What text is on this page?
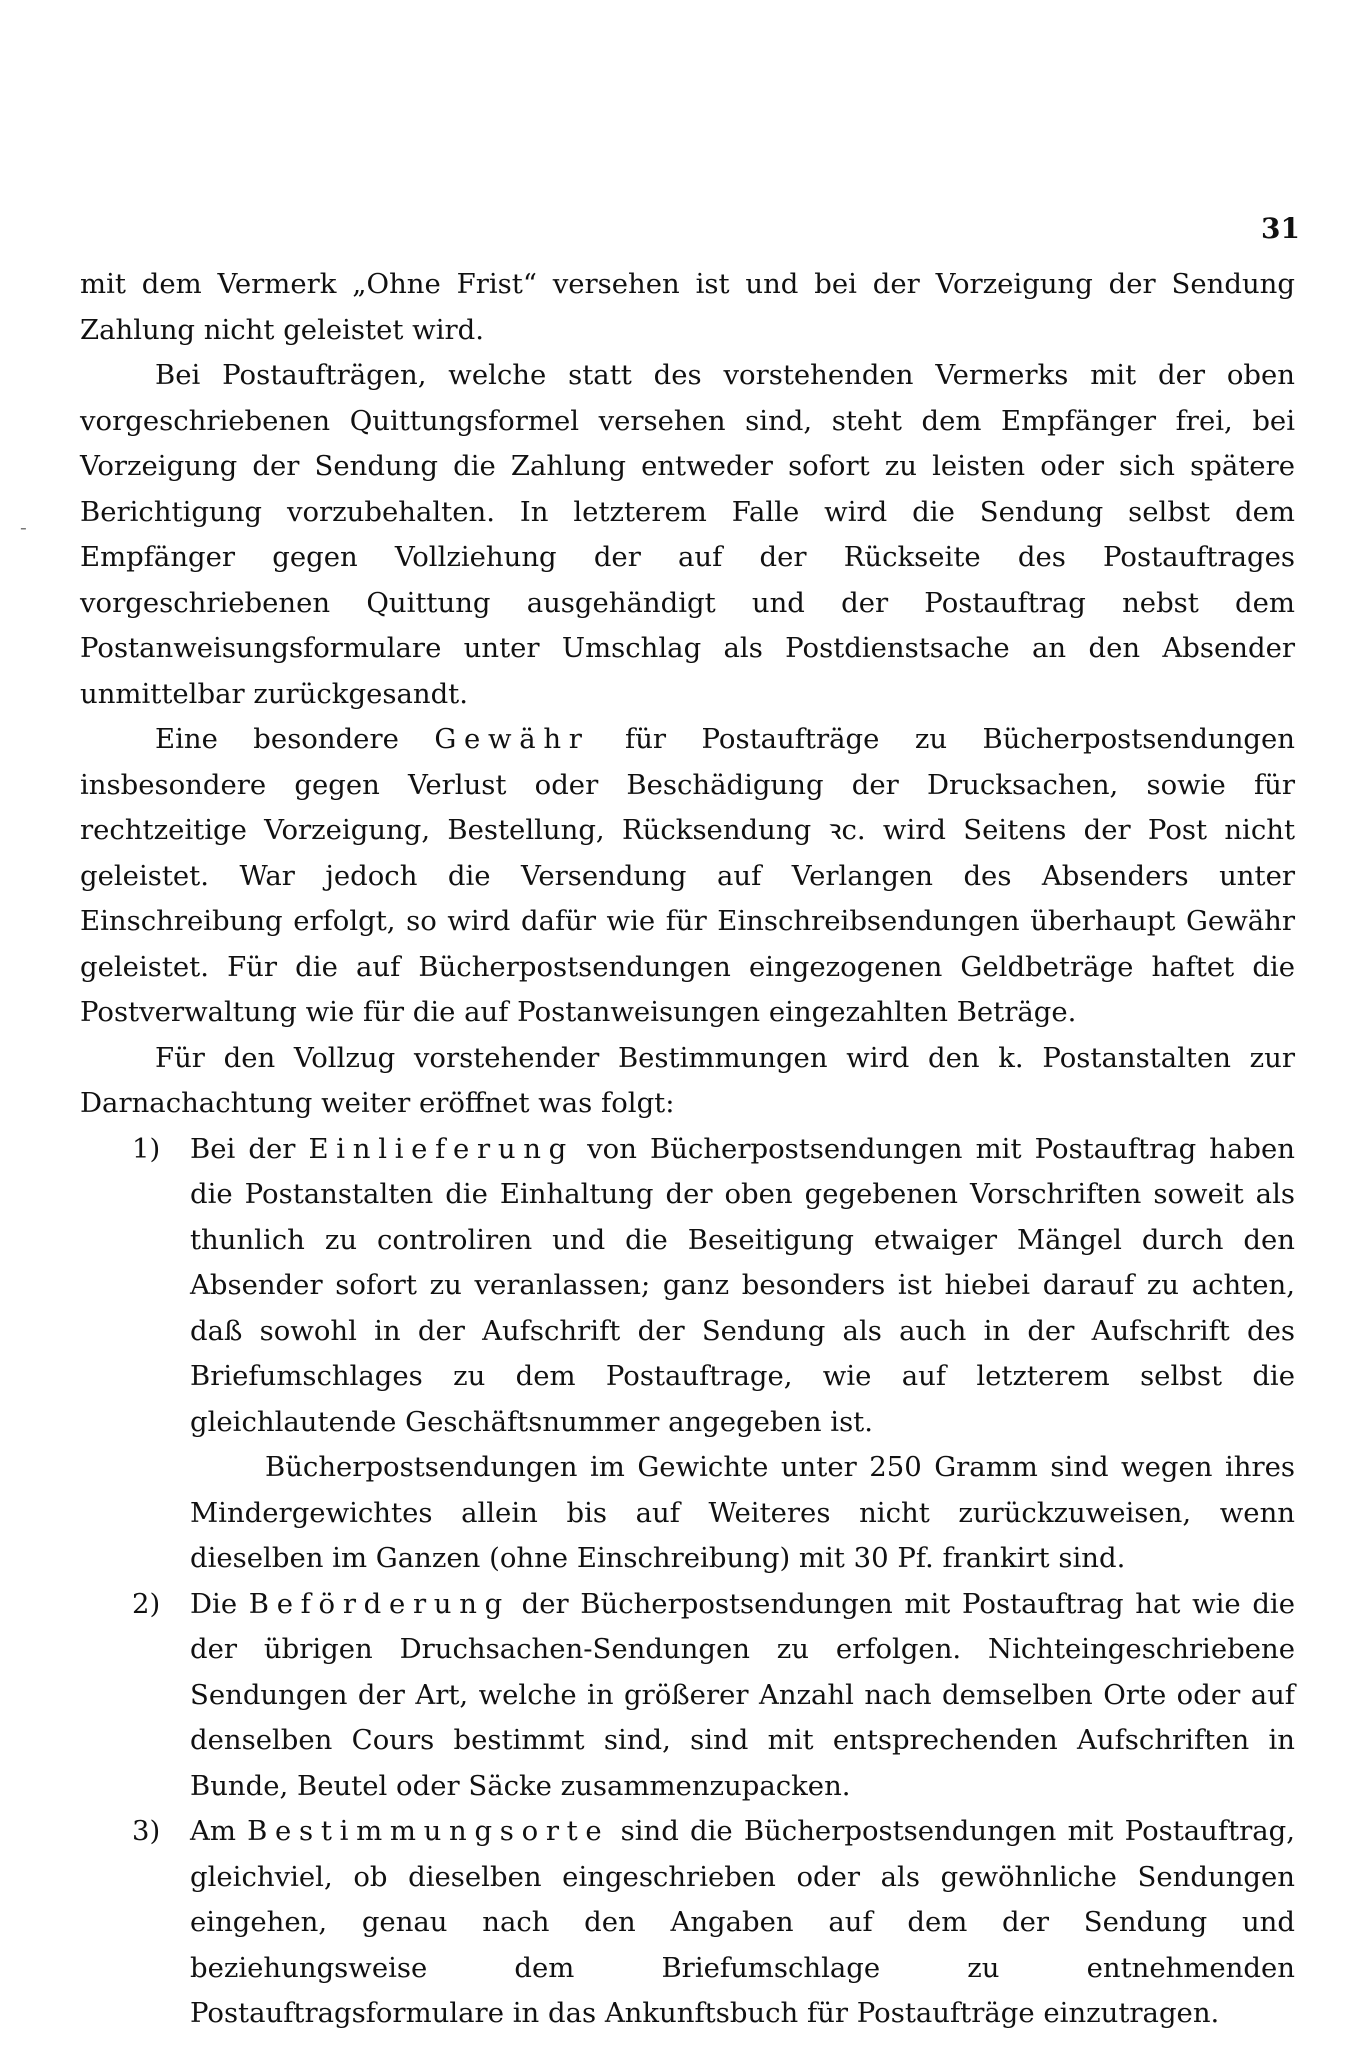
31
-

mit dem Vermerk „Ohne Frist“ versehen ist und bei der Vorzeigung der Sendung Zahlung nicht geleistet wird.

Bei Postaufträgen, welche statt des vorstehenden Vermerks mit der oben vorgeschriebenen Quittungsformel versehen sind, steht dem Empfänger frei, bei Vorzeigung der Sendung die Zahlung entweder sofort zu leisten oder sich spätere Berichtigung vorzubehalten. In letzterem Falle wird die Sendung selbst dem Empfänger gegen Vollziehung der auf der Rückseite des Postauftrages vorgeschriebenen Quittung ausgehändigt und der Postauftrag nebst dem Postanweisungsformulare unter Umschlag als Postdienstsache an den Absender unmittelbar zurückgesandt.

Eine besondere Gewähr für Postaufträge zu Bücherpostsendungen insbesondere gegen Verlust oder Beschädigung der Drucksachen, sowie für rechtzeitige Vorzeigung, Bestellung, Rücksendung ꝛc. wird Seitens der Post nicht geleistet. War jedoch die Versendung auf Verlangen des Absenders unter Einschreibung erfolgt, so wird dafür wie für Einschreibsendungen überhaupt Gewähr geleistet. Für die auf Bücherpostsendungen eingezogenen Geldbeträge haftet die Postverwaltung wie für die auf Postanweisungen eingezahlten Beträge.

Für den Vollzug vorstehender Bestimmungen wird den k. Postanstalten zur Darnachachtung weiter eröffnet was folgt:

1) Bei der Einlieferung von Bücherpostsendungen mit Postauftrag haben die Postanstalten die Einhaltung der oben gegebenen Vorschriften soweit als thunlich zu controliren und die Beseitigung etwaiger Mängel durch den Absender sofort zu veranlassen; ganz besonders ist hiebei darauf zu achten, daß sowohl in der Aufschrift der Sendung als auch in der Aufschrift des Briefumschlages zu dem Postauftrage, wie auf letzterem selbst die gleichlautende Geschäftsnummer angegeben ist.

Bücherpostsendungen im Gewichte unter 250 Gramm sind wegen ihres Mindergewichtes allein bis auf Weiteres nicht zurückzuweisen, wenn dieselben im Ganzen (ohne Einschreibung) mit 30 Pf. frankirt sind.

2) Die Beförderung der Bücherpostsendungen mit Postauftrag hat wie die der übrigen Druchsachen-Sendungen zu erfolgen. Nichteingeschriebene Sendungen der Art, welche in größerer Anzahl nach demselben Orte oder auf denselben Cours bestimmt sind, sind mit entsprechenden Aufschriften in Bunde, Beutel oder Säcke zusammenzupacken.

3) Am Bestimmungsorte sind die Bücherpostsendungen mit Postauftrag, gleichviel, ob dieselben eingeschrieben oder als gewöhnliche Sendungen eingehen, genau nach den Angaben auf dem der Sendung und beziehungsweise dem Briefumschlage zu entnehmenden Postauftragsformulare in das Ankunftsbuch für Postaufträge einzutragen.
